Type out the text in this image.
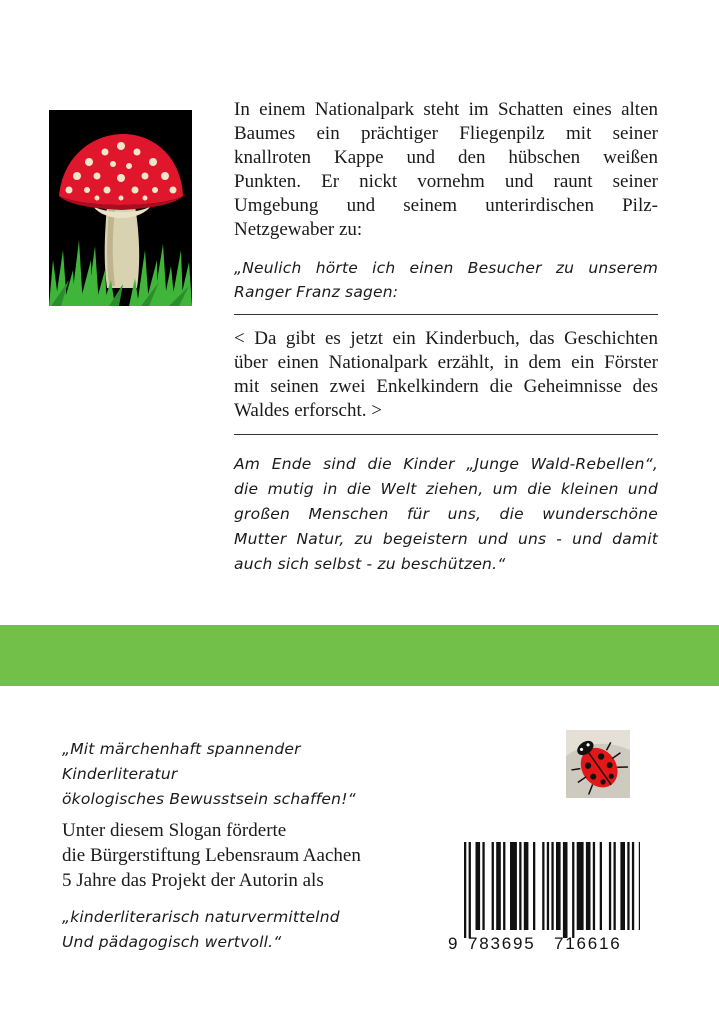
In einem Nationalpark steht im Schatten eines alten
Baumes ein prächtiger Fliegenpilz mit seiner
knallroten Kappe und den hübschen weißen
Punkten. Er nickt vornehm und raunt seiner
Umgebung und seinem unterirdischen Pilz-
Netzgewaber zu:
„Neulich hörte ich einen Besucher zu unserem
Ranger Franz sagen:
< Da gibt es jetzt ein Kinderbuch, das Geschichten
über einen Nationalpark erzählt, in dem ein Förster
mit seinen zwei Enkelkindern die Geheimnisse des
Waldes erforscht. >
Am Ende sind die Kinder „Junge Wald-Rebellen“,
die mutig in die Welt ziehen, um die kleinen und
großen Menschen für uns, die wunderschöne
Mutter Natur, zu begeistern und uns - und damit
auch sich selbst - zu beschützen.“
„Mit märchenhaft spannender
Kinderliteratur
ökologisches Bewusstsein schaffen!“
Unter diesem Slogan förderte
die Bürgerstiftung Lebensraum Aachen
5 Jahre das Projekt der Autorin als
„kinderliterarisch naturvermittelnd
Und pädagogisch wertvoll.“	9 783695 716616
